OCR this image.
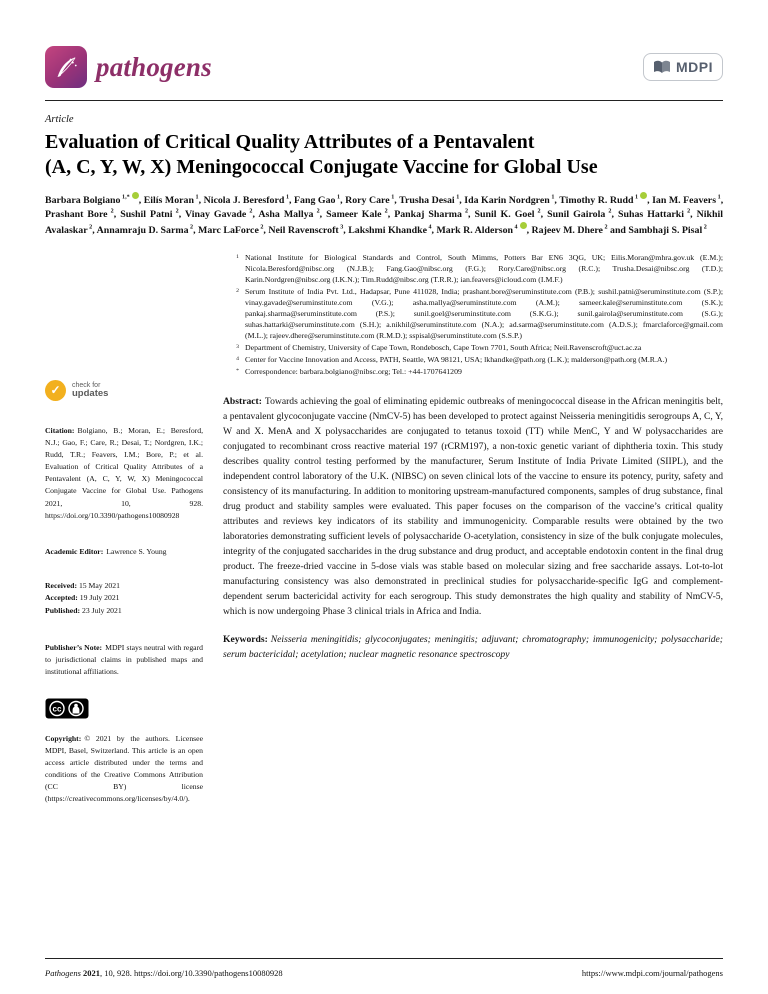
pathogens	MDPI
Article
Evaluation of Critical Quality Attributes of a Pentavalent
(A, C, Y, W, X) Meningococcal Conjugate Vaccine for Global Use

Barbara Bolgiano $^{1,*}$ , Eilís Moran $^1$, Nicola J. Beresford $^1$, Fang Gao $^1$, Rory Care $^1$, Trusha Desai $^1$, Ida Karin Nordgren $^1$, Timothy R. Rudd $^1$ , Ian M. Feavers $^1$, Prashant Bore $^2$, Sushil Patni $^2$, Vinay Gavade $^2$, Asha Mallya $^2$, Sameer Kale $^2$, Pankaj Sharma $^2$, Sunil K. Goel $^2$, Sunil Gairola $^2$, Suhas Hattarki $^2$, Nikhil Avalaskar $^2$, Annamraju D. Sarma $^2$, Marc LaForce $^2$, Neil Ravenscroft $^3$, Lakshmi Khandke $^4$, Mark R. Alderson $^4$ , Rajeev M. Dhere $^2$ and Sambhaji S. Pisal $^2$

✓	check for
updates
Citation: Bolgiano, B.; Moran, E.; Beresford, N.J.; Gao, F.; Care, R.; Desai, T.; Nordgren, I.K.; Rudd, T.R.; Feavers, I.M.; Bore, P.; et al. Evaluation of Critical Quality Attributes of a Pentavalent (A, C, Y, W, X) Meningococcal Conjugate Vaccine for Global Use. Pathogens 2021, 10, 928. https://doi.org/10.3390/pathogens10080928
Academic Editor: Lawrence S. Young
Received: 15 May 2021
Accepted: 19 July 2021
Published: 23 July 2021
Publisher’s Note: MDPI stays neutral with regard to jurisdictional claims in published maps and institutional affiliations.
cc
Copyright: © 2021 by the authors. Licensee MDPI, Basel, Switzerland. This article is an open access article distributed under the terms and conditions of the Creative Commons Attribution (CC BY) license (https://creativecommons.org/licenses/by/4.0/).
1 National Institute for Biological Standards and Control, South Mimms, Potters Bar EN6 3QG, UK; Eilis.Moran@mhra.gov.uk (E.M.); Nicola.Beresford@nibsc.org (N.J.B.); Fang.Gao@nibsc.org (F.G.); Rory.Care@nibsc.org (R.C.); Trusha.Desai@nibsc.org (T.D.); Karin.Nordgren@nibsc.org (I.K.N.); Tim.Rudd@nibsc.org (T.R.R.); ian.feavers@icloud.com (I.M.F.)
2 Serum Institute of India Pvt. Ltd., Hadapsar, Pune 411028, India; prashant.bore@seruminstitute.com (P.B.); sushil.patni@seruminstitute.com (S.P.); vinay.gavade@seruminstitute.com (V.G.); asha.mallya@seruminstitute.com (A.M.); sameer.kale@seruminstitute.com (S.K.); pankaj.sharma@seruminstitute.com (P.S.); sunil.goel@seruminstitute.com (S.K.G.); sunil.gairola@seruminstitute.com (S.G.); suhas.hattarki@seruminstitute.com (S.H.); a.nikhil@seruminstitute.com (N.A.); ad.sarma@seruminstitute.com (A.D.S.); fmarclaforce@gmail.com (M.L.); rajeev.dhere@seruminstitute.com (R.M.D.); sspisal@seruminstitute.com (S.S.P.)
3 Department of Chemistry, University of Cape Town, Rondebosch, Cape Town 7701, South Africa; Neil.Ravenscroft@uct.ac.za
4 Center for Vaccine Innovation and Access, PATH, Seattle, WA 98121, USA; lkhandke@path.org (L.K.); malderson@path.org (M.R.A.)
* Correspondence: barbara.bolgiano@nibsc.org; Tel.: +44-1707641209

Abstract: Towards achieving the goal of eliminating epidemic outbreaks of meningococcal disease in the African meningitis belt, a pentavalent glycoconjugate vaccine (NmCV-5) has been developed to protect against Neisseria meningitidis serogroups A, C, Y, W and X. MenA and X polysaccharides are conjugated to tetanus toxoid (TT) while MenC, Y and W polysaccharides are conjugated to recombinant cross reactive material 197 (rCRM197), a non-toxic genetic variant of diphtheria toxin. This study describes quality control testing performed by the manufacturer, Serum Institute of India Private Limited (SIIPL), and the independent control laboratory of the U.K. (NIBSC) on seven clinical lots of the vaccine to ensure its potency, purity, safety and consistency of its manufacturing. In addition to monitoring upstream-manufactured components, samples of drug substance, final drug product and stability samples were evaluated. This paper focuses on the comparison of the vaccine’s critical quality attributes and reviews key indicators of its stability and immunogenicity. Comparable results were obtained by the two laboratories demonstrating sufficient levels of polysaccharide O-acetylation, consistency in size of the bulk conjugate molecules, integrity of the conjugated saccharides in the drug substance and drug product, and acceptable endotoxin content in the final drug product. The freeze-dried vaccine in 5-dose vials was stable based on molecular sizing and free saccharide assays. Lot-to-lot manufacturing consistency was also demonstrated in preclinical studies for polysaccharide-specific IgG and complement-dependent serum bactericidal activity for each serogroup. This study demonstrates the high quality and stability of NmCV-5, which is now undergoing Phase 3 clinical trials in Africa and India.

Keywords: Neisseria meningitidis; glycoconjugates; meningitis; adjuvant; chromatography; immunogenicity; polysaccharide; serum bactericidal; acetylation; nuclear magnetic resonance spectroscopy

Pathogens 2021, 10, 928. https://doi.org/10.3390/pathogens10080928	https://www.mdpi.com/journal/pathogens
